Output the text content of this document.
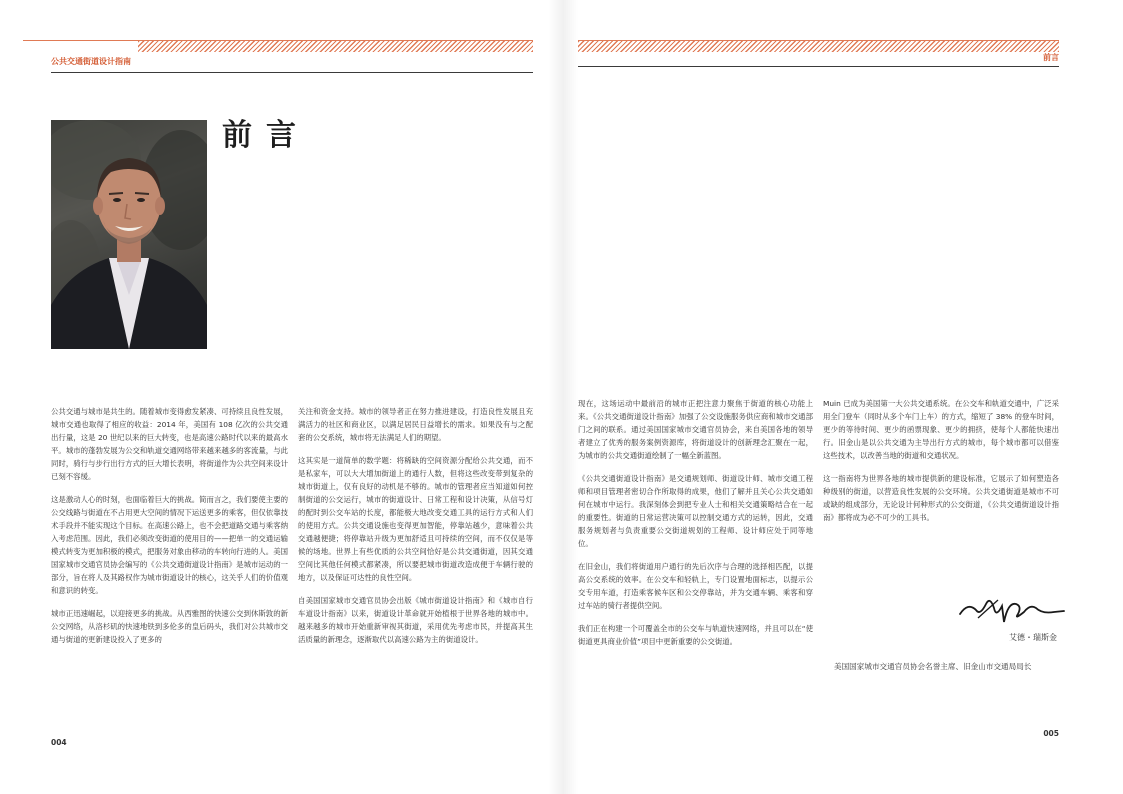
公共交通街道设计指南	前言
前言

公共交通与城市是共生的。随着城市变得愈发紧凑、可持续且良性发展，城市交通也取得了相应的收益：2014 年，美国有 108 亿次的公共交通出行量，这是 20 世纪以来的巨大转变，也是高速公路时代以来的最高水平。城市的蓬勃发展为公交和轨道交通网络带来越来越多的客流量，与此同时，骑行与步行出行方式的巨大增长表明，将街道作为公共空间来设计已刻不容缓。

这是激动人心的时刻，也面临着巨大的挑战。简而言之，我们要使主要的公交线路与街道在不占用更大空间的情况下运送更多的乘客，但仅依靠技术手段并不能实现这个目标。在高速公路上，也不会把道路交通与乘客纳入考虑范围。因此，我们必须改变街道的使用目的——把单一的交通运输模式转变为更加积极的模式，把服务对象由移动的车转向行进的人。美国国家城市交通官员协会编写的《公共交通街道设计指南》是城市运动的一部分，旨在将人及其路权作为城市街道设计的核心，这关乎人们的价值观和意识的转变。

城市正迅速崛起，以迎接更多的挑战。从西雅图的快速公交到休斯敦的新公交网络，从洛杉矶的快速地铁到多伦多的皇后码头，我们对公共城市交通与街道的更新建设投入了更多的

关注和资金支持。城市的领导者正在努力推进建设，打造良性发展且充满活力的社区和商业区，以满足居民日益增长的需求。如果没有与之配套的公交系统，城市将无法满足人们的期望。

这其实是一道简单的数学题：将稀缺的空间资源分配给公共交通，而不是私家车，可以大大增加街道上的通行人数，但将这些改变带到复杂的城市街道上，仅有良好的动机是不够的。城市的管理者应当知道如何控制街道的公交运行，城市的街道设计、日常工程和设计决策，从信号灯的配时到公交车站的长度，都能极大地改变交通工具的运行方式和人们的使用方式。公共交通设施也变得更加智能，停靠站越少，意味着公共交通越便捷；将停靠站升级为更加舒适且可持续的空间，而不仅仅是等候的场地。世界上有些优质的公共空间恰好是公共交通街道，因其交通空间比其他任何模式都紧凑，所以要把城市街道改造成便于车辆行驶的地方，以及保证可达性的良性空间。

自美国国家城市交通官员协会出版《城市街道设计指南》和《城市自行车道设计指南》以来，街道设计革命就开始植根于世界各地的城市中。越来越多的城市开始重新审视其街道，采用优先考虑市民，并提高其生活质量的新理念，逐渐取代以高速公路为主的街道设计。

004

现在，这场运动中最前沿的城市正把注意力聚焦于街道的核心功能上来。《公共交通街道设计指南》加强了公交设施服务供应商和城市交通部门之间的联系。通过美国国家城市交通官员协会，来自美国各地的领导者建立了优秀的服务案例资源库，将街道设计的创新理念汇聚在一起，为城市的公共交通街道绘制了一幅全新蓝图。

《公共交通街道设计指南》是交通规划师、街道设计师、城市交通工程师和项目管理者密切合作所取得的成果，他们了解并且关心公共交通如何在城市中运行。我深刻体会到把专业人士和相关交通策略结合在一起的重要性。街道的日常运营决策可以控制交通方式的运转，因此，交通服务规划者与负责重要公交街道规划的工程师、设计师应处于同等地位。

在旧金山，我们将街道用户通行的先后次序与合理的选择相匹配，以提高公交系统的效率。在公交车和轻轨上，专门设置地面标志，以提示公交专用车道，打造乘客候车区和公交停靠站，并为交通车辆、乘客和穿过车站的骑行者提供空间。

我们正在构建一个可覆盖全市的公交车与轨道快速网络，并且可以在“使街道更具商业价值”项目中更新重要的公交街道。

Muin 已成为美国第一大公共交通系统。在公交车和轨道交通中，广泛采用全门登车（同时从多个车门上车）的方式，缩短了 38% 的登车时间，更少的等待时间、更少的函票现象、更少的拥挤，使每个人都能快速出行。旧金山是以公共交通为主导出行方式的城市，每个城市都可以借鉴这些技术，以改善当地的街道和交通状况。

这一指南将为世界各地的城市提供新的建设标准，它展示了如何塑造各种级别的街道，以营造良性发展的公交环境。公共交通街道是城市不可或缺的组成部分，无论设计何种形式的公交街道，《公共交通街道设计指南》都将成为必不可少的工具书。

艾德・瑞斯金
美国国家城市交通官员协会名誉主席、旧金山市交通局局长
005
